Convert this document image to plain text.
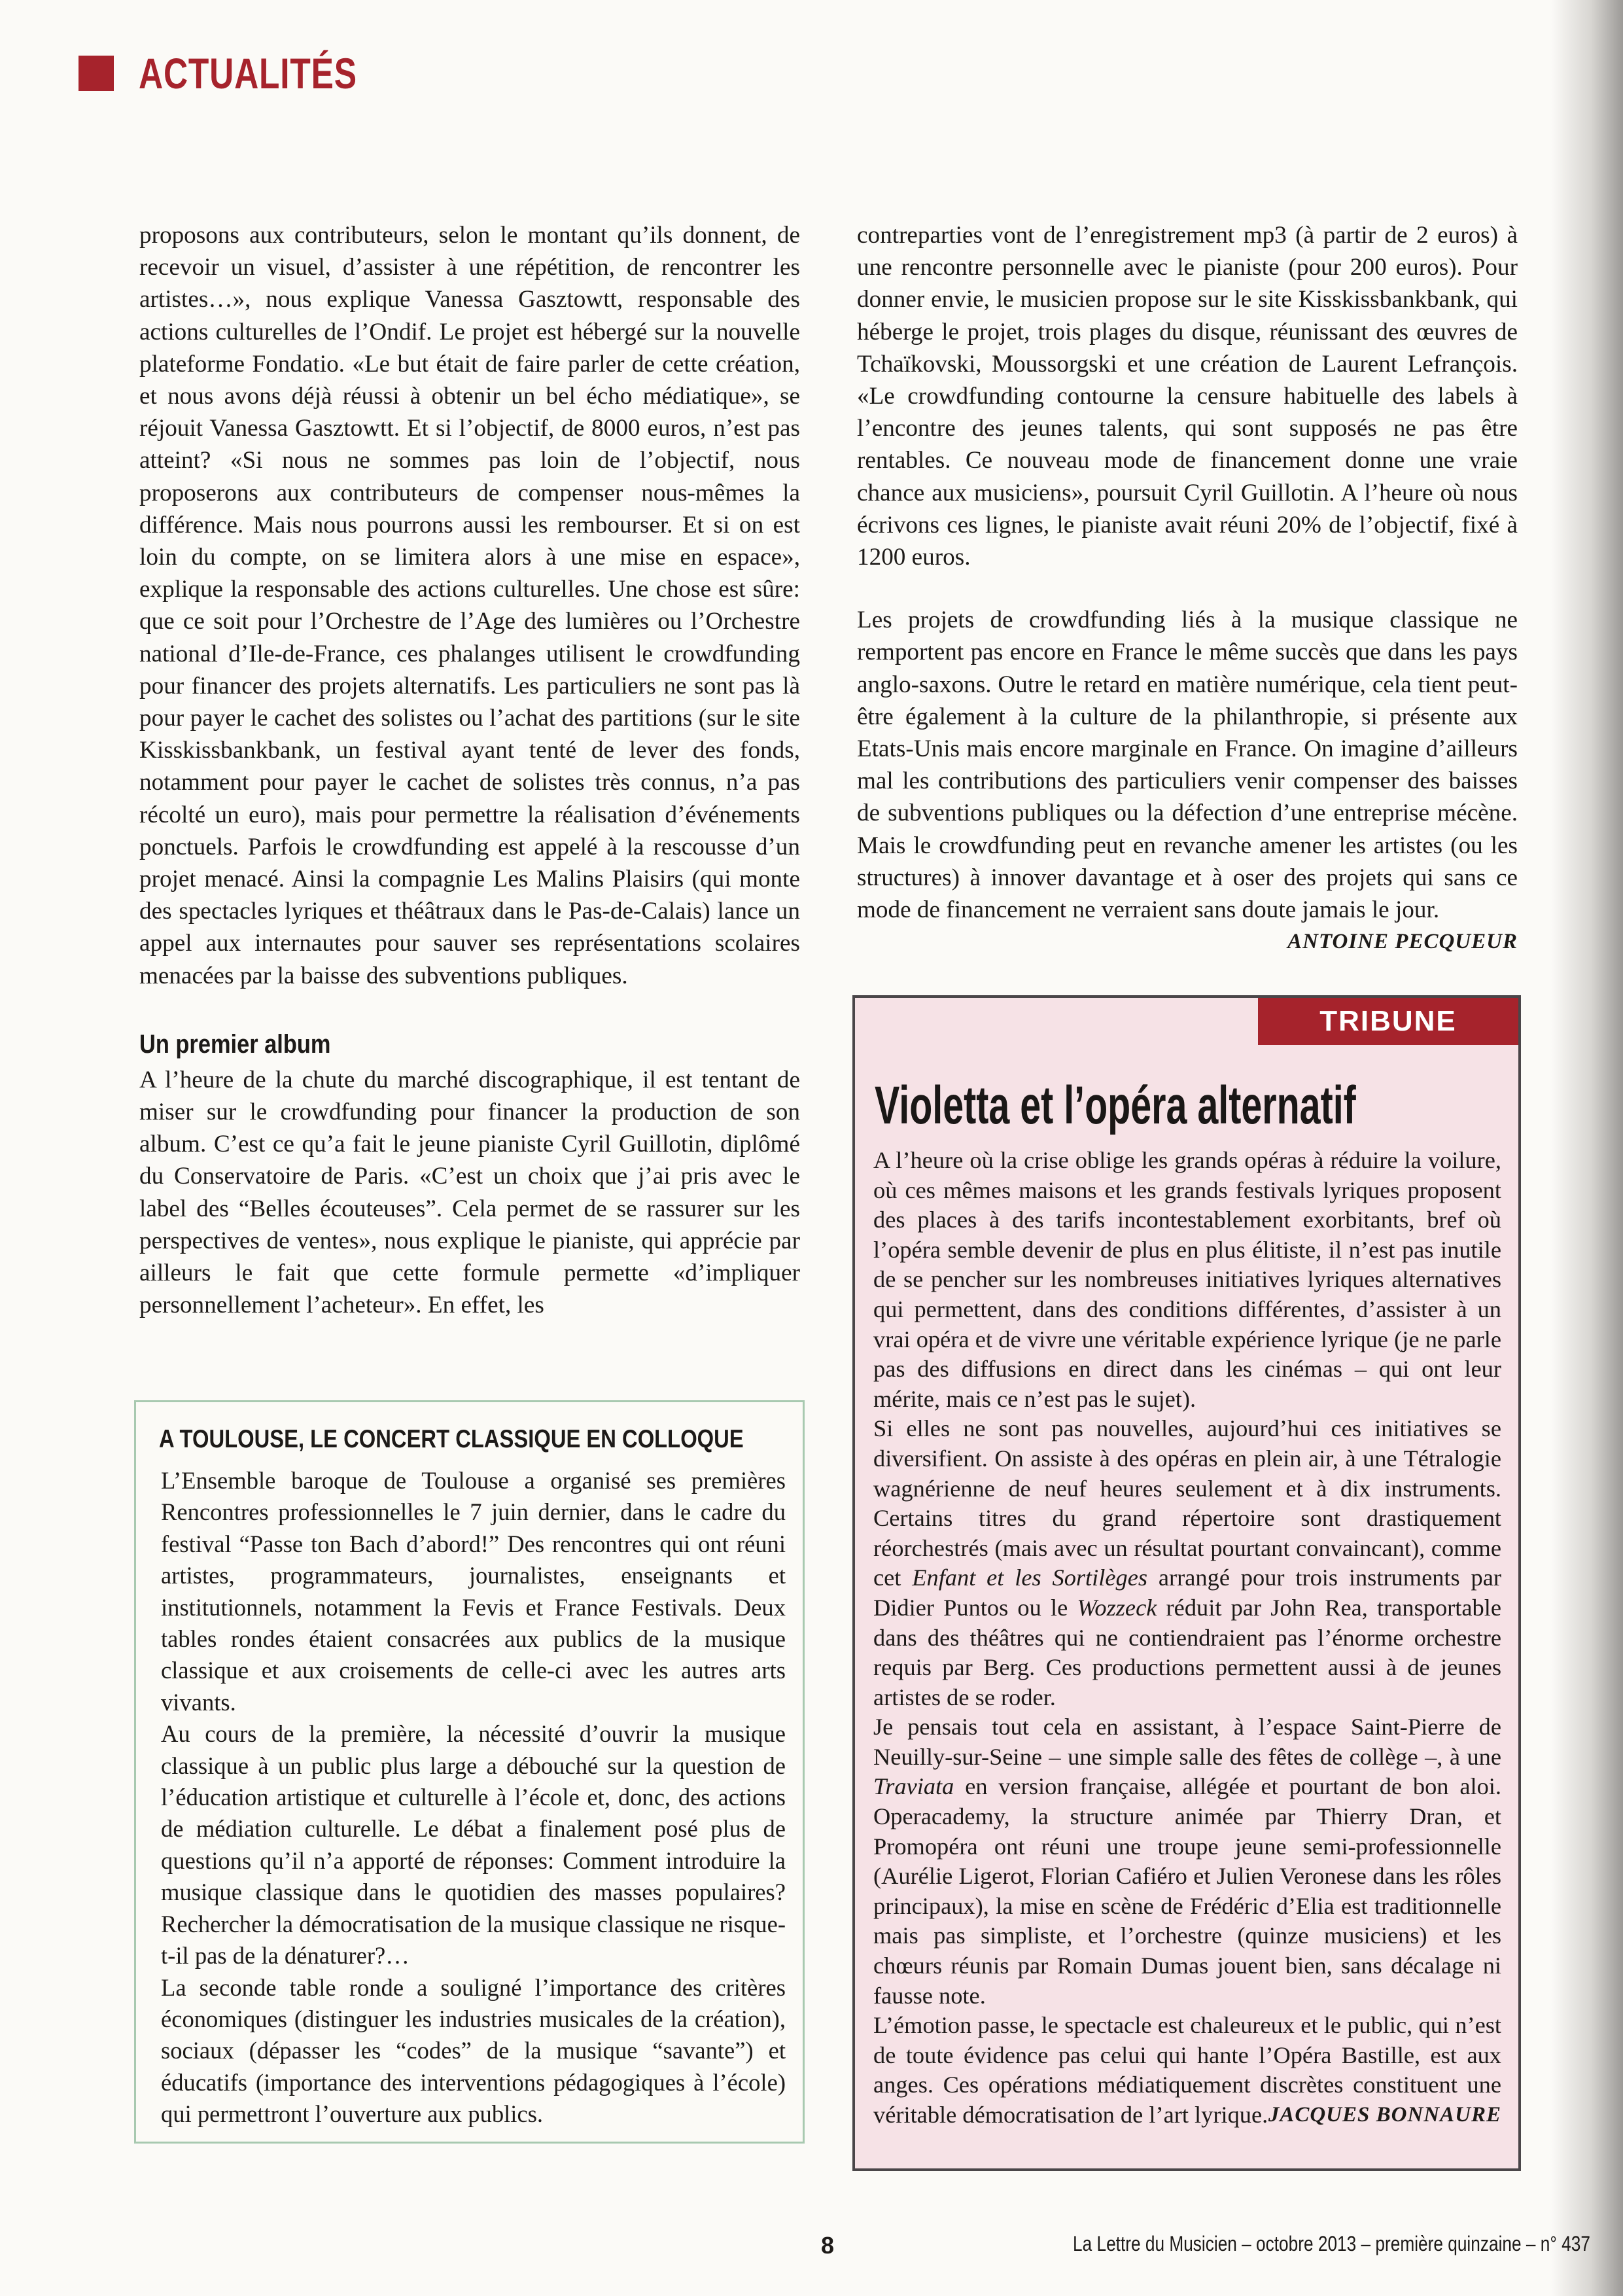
ACTUALITÉS

proposons aux contributeurs, selon le montant qu’ils donnent, de recevoir un visuel, d’assister à une répétition, de rencontrer les artistes…», nous explique Vanessa Gasztowtt, responsable des actions culturelles de l’Ondif. Le projet est hébergé sur la nouvelle plateforme Fondatio. «Le but était de faire parler de cette création, et nous avons déjà réussi à obtenir un bel écho médiatique», se réjouit Vanessa Gasztowtt. Et si l’objectif, de 8000 euros, n’est pas atteint? «Si nous ne sommes pas loin de l’objectif, nous proposerons aux contributeurs de compenser nous-mêmes la différence. Mais nous pourrons aussi les rembourser. Et si on est loin du compte, on se limitera alors à une mise en espace», explique la responsable des actions culturelles. Une chose est sûre: que ce soit pour l’Orchestre de l’Age des lumières ou l’Orchestre national d’Ile-de-France, ces phalanges utilisent le crowdfunding pour financer des projets alternatifs. Les particuliers ne sont pas là pour payer le cachet des solistes ou l’achat des partitions (sur le site Kisskissbankbank, un festival ayant tenté de lever des fonds, notamment pour payer le cachet de solistes très connus, n’a pas récolté un euro), mais pour permettre la réalisation d’événements ponctuels. Parfois le crowdfunding est appelé à la rescousse d’un projet menacé. Ainsi la compagnie Les Malins Plaisirs (qui monte des spectacles lyriques et théâtraux dans le Pas-de-Calais) lance un appel aux internautes pour sauver ses représentations scolaires menacées par la baisse des subventions publiques.

Un premier album

A l’heure de la chute du marché discographique, il est tentant de miser sur le crowdfunding pour financer la production de son album. C’est ce qu’a fait le jeune pianiste Cyril Guillotin, diplômé du Conservatoire de Paris. «C’est un choix que j’ai pris avec le label des “Belles écouteuses”. Cela permet de se rassurer sur les perspectives de ventes», nous explique le pianiste, qui apprécie par ailleurs le fait que cette formule permette «d’impliquer personnellement l’acheteur». En effet, les

contreparties vont de l’enregistrement mp3 (à partir de 2 euros) à une rencontre personnelle avec le pianiste (pour 200 euros). Pour donner envie, le musicien propose sur le site Kisskissbankbank, qui héberge le projet, trois plages du disque, réunissant des œuvres de Tchaïkovski, Moussorgski et une création de Laurent Lefrançois. «Le crowdfunding contourne la censure habituelle des labels à l’encontre des jeunes talents, qui sont supposés ne pas être rentables. Ce nouveau mode de financement donne une vraie chance aux musiciens», poursuit Cyril Guillotin. A l’heure où nous écrivons ces lignes, le pianiste avait réuni 20% de l’objectif, fixé à 1200 euros.

Les projets de crowdfunding liés à la musique classique ne remportent pas encore en France le même succès que dans les pays anglo-saxons. Outre le retard en matière numérique, cela tient peut-être également à la culture de la philanthropie, si présente aux Etats-Unis mais encore marginale en France. On imagine d’ailleurs mal les contributions des particuliers venir compenser des baisses de subventions publiques ou la défection d’une entreprise mécène. Mais le crowdfunding peut en revanche amener les artistes (ou les structures) à innover davantage et à oser des projets qui sans ce mode de financement ne verraient sans doute jamais le jour.
ANTOINE PECQUEUR

A TOULOUSE, LE CONCERT CLASSIQUE EN COLLOQUE

L’Ensemble baroque de Toulouse a organisé ses premières Rencontres professionnelles le 7 juin dernier, dans le cadre du festival “Passe ton Bach d’abord!” Des rencontres qui ont réuni artistes, programmateurs, journalistes, enseignants et institutionnels, notamment la Fevis et France Festivals. Deux tables rondes étaient consacrées aux publics de la musique classique et aux croisements de celle-ci avec les autres arts vivants.

Au cours de la première, la nécessité d’ouvrir la musique classique à un public plus large a débouché sur la question de l’éducation artistique et culturelle à l’école et, donc, des actions de médiation culturelle. Le débat a finalement posé plus de questions qu’il n’a apporté de réponses: Comment introduire la musique classique dans le quotidien des masses populaires? Rechercher la démocratisation de la musique classique ne risque-t-il pas de la dénaturer?…

La seconde table ronde a souligné l’importance des critères économiques (distinguer les industries musicales de la création), sociaux (dépasser les “codes” de la musique “savante”) et éducatifs (importance des interventions pédagogiques à l’école) qui permettront l’ouverture aux publics.

TRIBUNE
Violetta et l’opéra alternatif

A l’heure où la crise oblige les grands opéras à réduire la voilure, où ces mêmes maisons et les grands festivals lyriques proposent des places à des tarifs incontestablement exorbitants, bref où l’opéra semble devenir de plus en plus élitiste, il n’est pas inutile de se pencher sur les nombreuses initiatives lyriques alternatives qui permettent, dans des conditions différentes, d’assister à un vrai opéra et de vivre une véritable expérience lyrique (je ne parle pas des diffusions en direct dans les cinémas – qui ont leur mérite, mais ce n’est pas le sujet).

Si elles ne sont pas nouvelles, aujourd’hui ces initiatives se diversifient. On assiste à des opéras en plein air, à une Tétralogie wagnérienne de neuf heures seulement et à dix instruments. Certains titres du grand répertoire sont drastiquement réorchestrés (mais avec un résultat pourtant convaincant), comme cet Enfant et les Sortilèges arrangé pour trois instruments par Didier Puntos ou le Wozzeck réduit par John Rea, transportable dans des théâtres qui ne contiendraient pas l’énorme orchestre requis par Berg. Ces productions permettent aussi à de jeunes artistes de se roder.

Je pensais tout cela en assistant, à l’espace Saint-Pierre de Neuilly-sur-Seine – une simple salle des fêtes de collège –, à une Traviata en version française, allégée et pourtant de bon aloi. Operacademy, la structure animée par Thierry Dran, et Promopéra ont réuni une troupe jeune semi-professionnelle (Aurélie Ligerot, Florian Cafiéro et Julien Veronese dans les rôles principaux), la mise en scène de Frédéric d’Elia est traditionnelle mais pas simpliste, et l’orchestre (quinze musiciens) et les chœurs réunis par Romain Dumas jouent bien, sans décalage ni fausse note.

L’émotion passe, le spectacle est chaleureux et le public, qui n’est de toute évidence pas celui qui hante l’Opéra Bastille, est aux anges. Ces opérations médiatiquement discrètes constituent une véritable démocratisation de l’art lyrique. JACQUES BONNAURE

8	La Lettre du Musicien – octobre 2013 – première quinzaine – n° 437
